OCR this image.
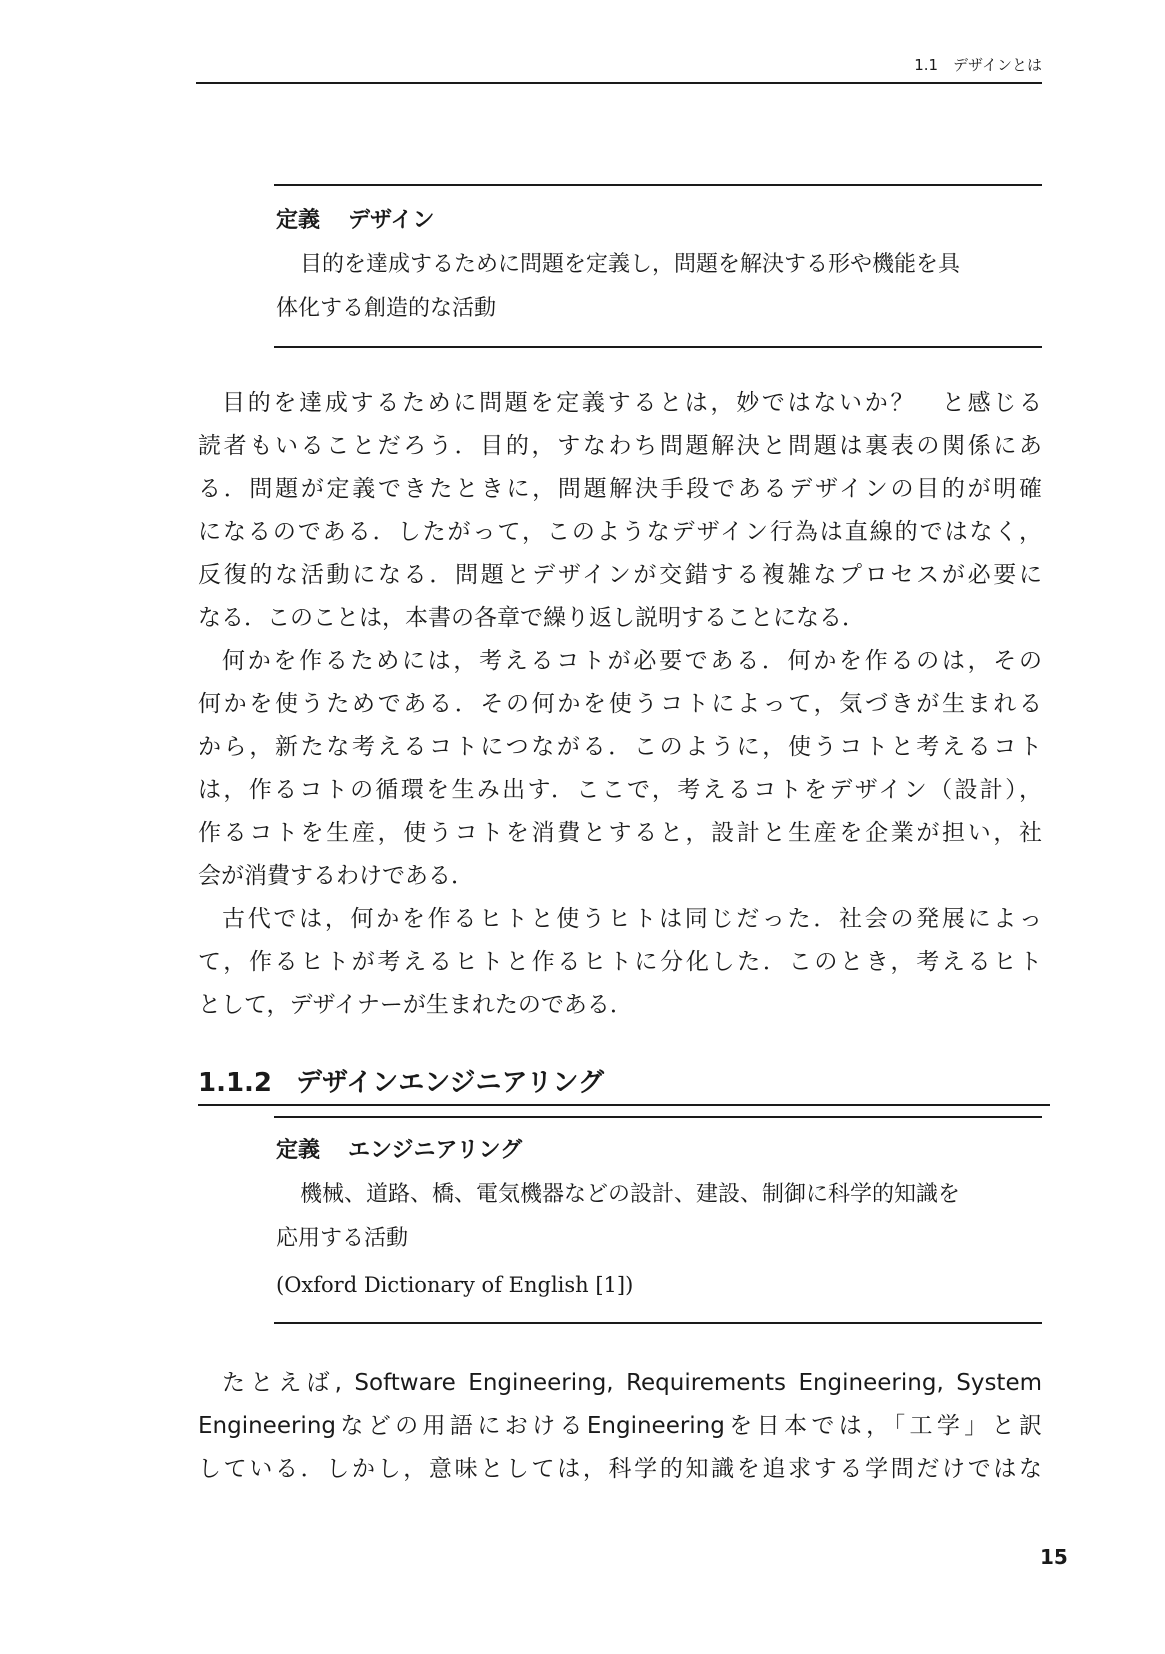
1.1　デザインとは
定義 デザイン
目的を達成するために問題を定義し，問題を解決する形や機能を具
体化する創造的な活動
目的を達成するために問題を定義するとは，妙ではないか？　と感じる
読者もいることだろう．目的，すなわち問題解決と問題は裏表の関係にあ
る．問題が定義できたときに，問題解決手段であるデザインの目的が明確
になるのである．したがって，このようなデザイン行為は直線的ではなく，
反復的な活動になる．問題とデザインが交錯する複雑なプロセスが必要に
なる．このことは，本書の各章で繰り返し説明することになる．
何かを作るためには，考えるコトが必要である．何かを作るのは，その
何かを使うためである．その何かを使うコトによって，気づきが生まれる
から，新たな考えるコトにつながる．このように，使うコトと考えるコト
は，作るコトの循環を生み出す．ここで，考えるコトをデザイン（設計），
作るコトを生産，使うコトを消費とすると，設計と生産を企業が担い，社
会が消費するわけである．
古代では，何かを作るヒトと使うヒトは同じだった．社会の発展によっ
て，作るヒトが考えるヒトと作るヒトに分化した．このとき，考えるヒト
として，デザイナーが生まれたのである．
1.1.2 デザインエンジニアリング
定義 エンジニアリング
機械、道路、橋、電気機器などの設計、建設、制御に科学的知識を
応用する活動
(Oxford Dictionary of English [1])
たとえば, Software Engineering, Requirements Engineering, System
Engineeringなどの用語におけるEngineeringを日本では，「工学」と訳
している．しかし，意味としては，科学的知識を追求する学問だけではな
15
